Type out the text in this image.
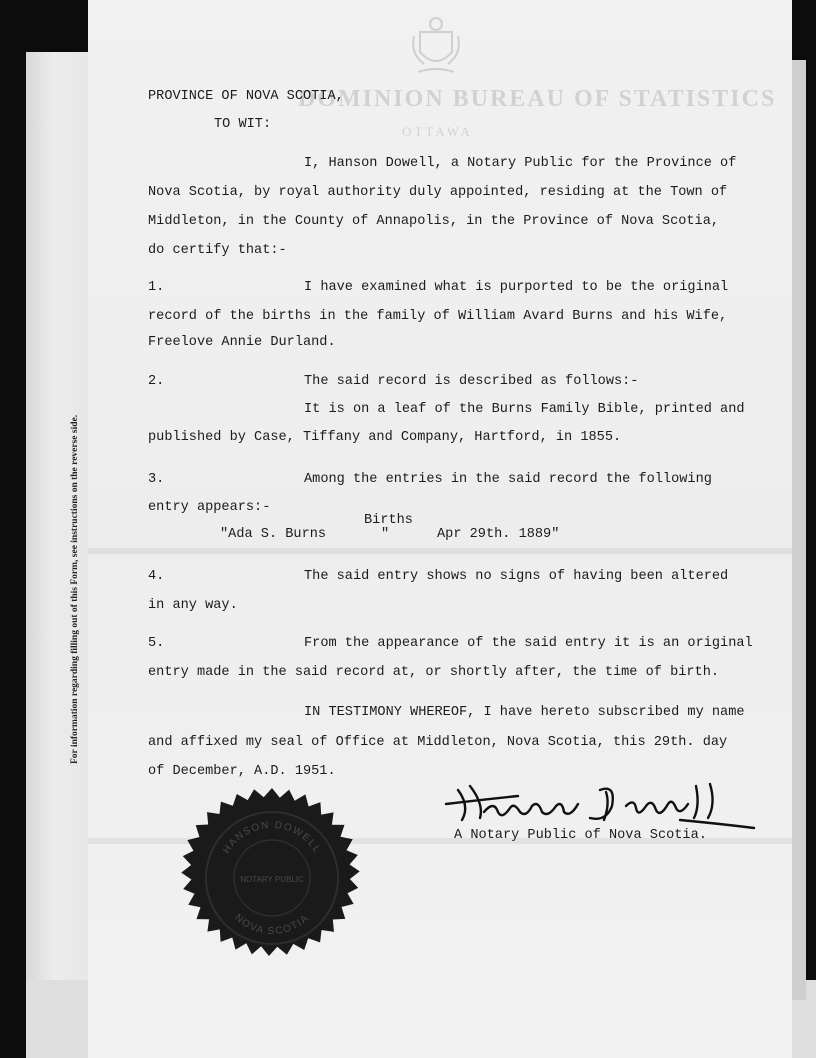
For information regarding filling out of this Form, see instructions on the reverse side.
DOMINION BUREAU OF STATISTICS
OTTAWA
PROVINCE OF NOVA SCOTIA,
TO WIT:
I, Hanson Dowell, a Notary Public for the Province of
Nova Scotia, by royal authority duly appointed, residing at the Town of
Middleton, in the County of Annapolis, in the Province of Nova Scotia,
do certify that:-
1.	I have examined what is purported to be the original
record of the births in the family of William Avard Burns and his Wife,
Freelove Annie Durland.
2.	The said record is described as follows:-
It is on a leaf of the Burns Family Bible, printed and
published by Case, Tiffany and Company, Hartford, in 1855.
3.	Among the entries in the said record the following
entry appears:-
Births
"Ada S. Burns	"	Apr 29th. 1889"
4.	The said entry shows no signs of having been altered
in any way.
5.	From the appearance of the said entry it is an original
entry made in the said record at, or shortly after, the time of birth.
IN TESTIMONY WHEREOF, I have hereto subscribed my name
and affixed my seal of Office at Middleton, Nova Scotia, this 29th. day
of December, A.D. 1951.
A Notary Public of Nova Scotia.
HANSON DOWELL
NOTARY PUBLIC
NOVA SCOTIA
